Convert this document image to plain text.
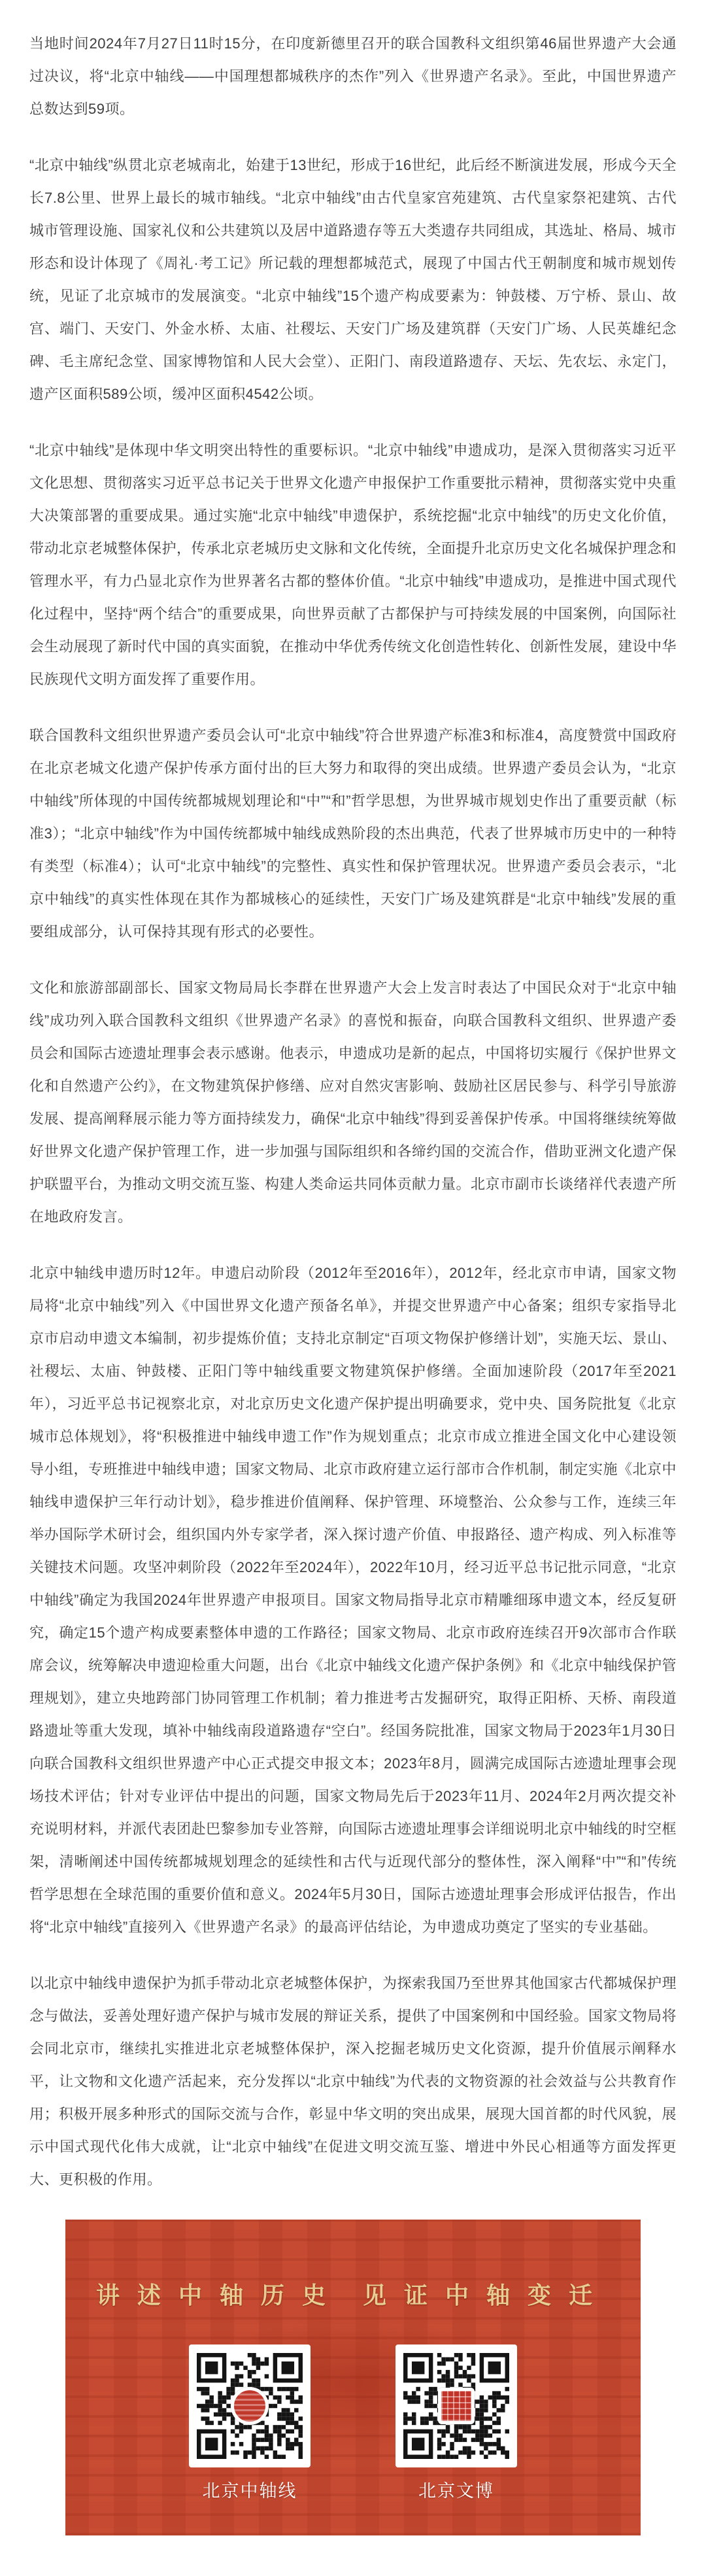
当地时间2024年7月27日11时15分，在印度新德里召开的联合国教科文组织第46届世界遗产大会通过决议，将“北京中轴线——中国理想都城秩序的杰作”列入《世界遗产名录》。至此，中国世界遗产总数达到59项。

“北京中轴线”纵贯北京老城南北，始建于13世纪，形成于16世纪，此后经不断演进发展，形成今天全长7.8公里、世界上最长的城市轴线。“北京中轴线”由古代皇家宫苑建筑、古代皇家祭祀建筑、古代城市管理设施、国家礼仪和公共建筑以及居中道路遗存等五大类遗存共同组成，其选址、格局、城市形态和设计体现了《周礼·考工记》所记载的理想都城范式，展现了中国古代王朝制度和城市规划传统，见证了北京城市的发展演变。“北京中轴线”15个遗产构成要素为：钟鼓楼、万宁桥、景山、故宫、端门、天安门、外金水桥、太庙、社稷坛、天安门广场及建筑群（天安门广场、人民英雄纪念碑、毛主席纪念堂、国家博物馆和人民大会堂）、正阳门、南段道路遗存、天坛、先农坛、永定门，遗产区面积589公顷，缓冲区面积4542公顷。

“北京中轴线”是体现中华文明突出特性的重要标识。“北京中轴线”申遗成功，是深入贯彻落实习近平文化思想、贯彻落实习近平总书记关于世界文化遗产申报保护工作重要批示精神，贯彻落实党中央重大决策部署的重要成果。通过实施“北京中轴线”申遗保护，系统挖掘“北京中轴线”的历史文化价值，带动北京老城整体保护，传承北京老城历史文脉和文化传统，全面提升北京历史文化名城保护理念和管理水平，有力凸显北京作为世界著名古都的整体价值。“北京中轴线”申遗成功，是推进中国式现代化过程中，坚持“两个结合”的重要成果，向世界贡献了古都保护与可持续发展的中国案例，向国际社会生动展现了新时代中国的真实面貌，在推动中华优秀传统文化创造性转化、创新性发展，建设中华民族现代文明方面发挥了重要作用。

联合国教科文组织世界遗产委员会认可“北京中轴线”符合世界遗产标准3和标准4，高度赞赏中国政府在北京老城文化遗产保护传承方面付出的巨大努力和取得的突出成绩。世界遗产委员会认为，“北京中轴线”所体现的中国传统都城规划理论和“中”“和”哲学思想，为世界城市规划史作出了重要贡献（标准3）；“北京中轴线”作为中国传统都城中轴线成熟阶段的杰出典范，代表了世界城市历史中的一种特有类型（标准4）；认可“北京中轴线”的完整性、真实性和保护管理状况。世界遗产委员会表示，“北京中轴线”的真实性体现在其作为都城核心的延续性，天安门广场及建筑群是“北京中轴线”发展的重要组成部分，认可保持其现有形式的必要性。

文化和旅游部副部长、国家文物局局长李群在世界遗产大会上发言时表达了中国民众对于“北京中轴线”成功列入联合国教科文组织《世界遗产名录》的喜悦和振奋，向联合国教科文组织、世界遗产委员会和国际古迹遗址理事会表示感谢。他表示，申遗成功是新的起点，中国将切实履行《保护世界文化和自然遗产公约》，在文物建筑保护修缮、应对自然灾害影响、鼓励社区居民参与、科学引导旅游发展、提高阐释展示能力等方面持续发力，确保“北京中轴线”得到妥善保护传承。中国将继续统筹做好世界文化遗产保护管理工作，进一步加强与国际组织和各缔约国的交流合作，借助亚洲文化遗产保护联盟平台，为推动文明交流互鉴、构建人类命运共同体贡献力量。北京市副市长谈绪祥代表遗产所在地政府发言。

北京中轴线申遗历时12年。申遗启动阶段（2012年至2016年），2012年，经北京市申请，国家文物局将“北京中轴线”列入《中国世界文化遗产预备名单》，并提交世界遗产中心备案；组织专家指导北京市启动申遗文本编制，初步提炼价值；支持北京制定“百项文物保护修缮计划”，实施天坛、景山、社稷坛、太庙、钟鼓楼、正阳门等中轴线重要文物建筑保护修缮。全面加速阶段（2017年至2021年），习近平总书记视察北京，对北京历史文化遗产保护提出明确要求，党中央、国务院批复《北京城市总体规划》，将“积极推进中轴线申遗工作”作为规划重点；北京市成立推进全国文化中心建设领导小组，专班推进中轴线申遗；国家文物局、北京市政府建立运行部市合作机制，制定实施《北京中轴线申遗保护三年行动计划》，稳步推进价值阐释、保护管理、环境整治、公众参与工作，连续三年举办国际学术研讨会，组织国内外专家学者，深入探讨遗产价值、申报路径、遗产构成、列入标准等关键技术问题。攻坚冲刺阶段（2022年至2024年），2022年10月，经习近平总书记批示同意，“北京中轴线”确定为我国2024年世界遗产申报项目。国家文物局指导北京市精雕细琢申遗文本，经反复研究，确定15个遗产构成要素整体申遗的工作路径；国家文物局、北京市政府连续召开9次部市合作联席会议，统筹解决申遗迎检重大问题，出台《北京中轴线文化遗产保护条例》和《北京中轴线保护管理规划》，建立央地跨部门协同管理工作机制；着力推进考古发掘研究，取得正阳桥、天桥、南段道路遗址等重大发现，填补中轴线南段道路遗存“空白”。经国务院批准，国家文物局于2023年1月30日向联合国教科文组织世界遗产中心正式提交申报文本；2023年8月，圆满完成国际古迹遗址理事会现场技术评估；针对专业评估中提出的问题，国家文物局先后于2023年11月、2024年2月两次提交补充说明材料，并派代表团赴巴黎参加专业答辩，向国际古迹遗址理事会详细说明北京中轴线的时空框架，清晰阐述中国传统都城规划理念的延续性和古代与近现代部分的整体性，深入阐释“中”“和”传统哲学思想在全球范围的重要价值和意义。2024年5月30日，国际古迹遗址理事会形成评估报告，作出将“北京中轴线”直接列入《世界遗产名录》的最高评估结论，为申遗成功奠定了坚实的专业基础。

以北京中轴线申遗保护为抓手带动北京老城整体保护，为探索我国乃至世界其他国家古代都城保护理念与做法，妥善处理好遗产保护与城市发展的辩证关系，提供了中国案例和中国经验。国家文物局将会同北京市，继续扎实推进北京老城整体保护，深入挖掘老城历史文化资源，提升价值展示阐释水平，让文物和文化遗产活起来，充分发挥以“北京中轴线”为代表的文物资源的社会效益与公共教育作用；积极开展多种形式的国际交流与合作，彰显中华文明的突出成果，展现大国首都的时代风貌，展示中国式现代化伟大成就，让“北京中轴线”在促进文明交流互鉴、增进中外民心相通等方面发挥更大、更积极的作用。

讲述中轴历史 见证中轴变迁
北京中轴线	北京文博
